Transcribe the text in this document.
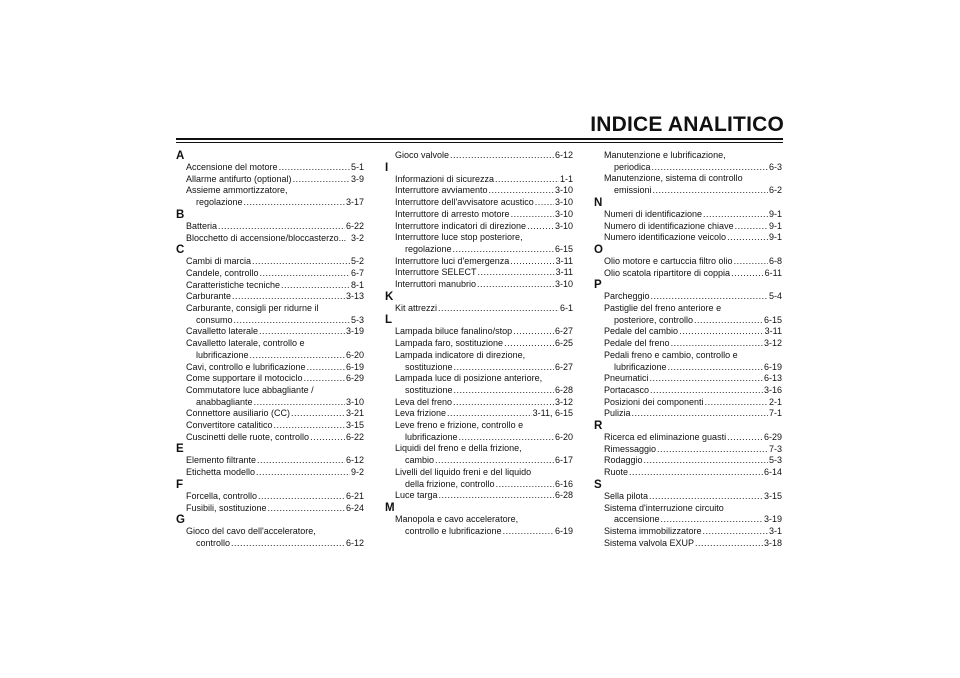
INDICE ANALITICO
A
Accensione del motore .....	5-1
Allarme antifurto (optional) .....	3-9
Assieme ammortizzatore,
regolazione .....	3-17
B
Batteria .....	6-22
Blocchetto di accensione/bloccasterzo... 3-2
C
Cambi di marcia .....	5-2
Candele, controllo .....	6-7
Caratteristiche tecniche .....	8-1
Carburante .....	3-13
Carburante, consigli per ridurne il
consumo .....	5-3
Cavalletto laterale .....	3-19
Cavalletto laterale, controllo e
lubrificazione .....	6-20
Cavi, controllo e lubrificazione .....	6-19
Come supportare il motociclo .....	6-29
Commutatore luce abbagliante /
anabbagliante .....	3-10
Connettore ausiliario (CC) .....	3-21
Convertitore catalitico .....	3-15
Cuscinetti delle ruote, controllo .....	6-22
E
Elemento filtrante .....	6-12
Etichetta modello .....	9-2
F
Forcella, controllo .....	6-21
Fusibili, sostituzione .....	6-24
G
Gioco del cavo dell'acceleratore,
controllo .....	6-12
Gioco valvole .....	6-12
I
Informazioni di sicurezza .....	1-1
Interruttore avviamento .....	3-10
Interruttore dell'avvisatore acustico ..... 3-10
Interruttore di arresto motore .....	3-10
Interruttore indicatori di direzione .....	3-10
Interruttore luce stop posteriore,
regolazione .....	6-15
Interruttore luci d'emergenza .....	3-11
Interruttore SELECT .....	3-11
Interruttori manubrio .....	3-10
K
Kit attrezzi .....	6-1
L
Lampada biluce fanalino/stop .....	6-27
Lampada faro, sostituzione .....	6-25
Lampada indicatore di direzione,
sostituzione .....	6-27
Lampada luce di posizione anteriore,
sostituzione .....	6-28
Leva del freno .....	3-12
Leva frizione .....	3-11, 6-15
Leve freno e frizione, controllo e
lubrificazione .....	6-20
Liquidi del freno e della frizione,
cambio .....	6-17
Livelli del liquido freni e del liquido
della frizione, controllo .....	6-16
Luce targa .....	6-28
M
Manopola e cavo acceleratore,
controllo e lubrificazione .....	6-19
Manutenzione e lubrificazione,
periodica .....	6-3
Manutenzione, sistema di controllo
emissioni .....	6-2
N
Numeri di identificazione .....	9-1
Numero di identificazione chiave .....	9-1
Numero identificazione veicolo .....	9-1
O
Olio motore e cartuccia filtro olio .....	6-8
Olio scatola ripartitore di coppia .....	6-11
P
Parcheggio .....	5-4
Pastiglie del freno anteriore e
posteriore, controllo .....	6-15
Pedale del cambio .....	3-11
Pedale del freno .....	3-12
Pedali freno e cambio, controllo e
lubrificazione .....	6-19
Pneumatici .....	6-13
Portacasco .....	3-16
Posizioni dei componenti .....	2-1
Pulizia .....	7-1
R
Ricerca ed eliminazione guasti .....	6-29
Rimessaggio .....	7-3
Rodaggio .....	5-3
Ruote .....	6-14
S
Sella pilota .....	3-15
Sistema d'interruzione circuito
accensione .....	3-19
Sistema immobilizzatore .....	3-1
Sistema valvola EXUP .....	3-18
